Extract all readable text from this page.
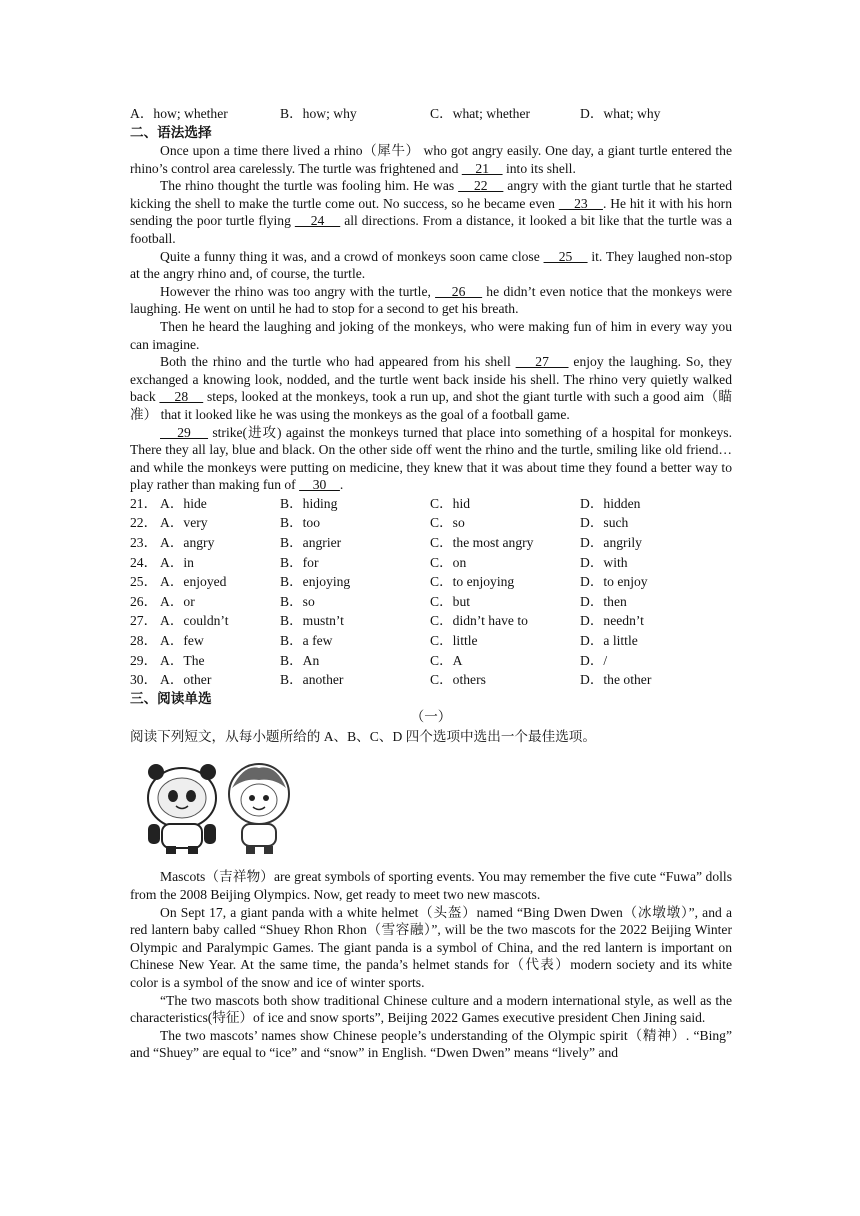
A．how; whether	B．how; why	C．what; whether	D．what; why
二、语法选择

Once upon a time there lived a rhino（犀牛） who got angry easily. One day, a giant turtle entered the rhino’s control area carelessly. The turtle was frightened and     21     into its shell.

The rhino thought the turtle was fooling him. He was     22     angry with the giant turtle that he started kicking the shell to make the turtle come out. No success, so he became even     23    . He hit it with his horn sending the poor turtle flying     24     all directions. From a distance, it looked a bit like that the turtle was a football.

Quite a funny thing it was, and a crowd of monkeys soon came close     25     it. They laughed non-stop at the angry rhino and, of course, the turtle.

However the rhino was too angry with the turtle,     26     he didn’t even notice that the monkeys were laughing. He went on until he had to stop for a second to get his breath.

Then he heard the laughing and joking of the monkeys, who were making fun of him in every way you can imagine.

Both the rhino and the turtle who had appeared from his shell     27     enjoy the laughing. So, they exchanged a knowing look, nodded, and the turtle went back inside his shell. The rhino very quietly walked back     28     steps, looked at the monkeys, took a run up, and shot the giant turtle with such a good aim（瞄准） that it looked like he was using the monkeys as the goal of a football game.

29     strike(进攻) against the monkeys turned that place into something of a hospital for monkeys. There they all lay, blue and black. On the other side off went the rhino and the turtle, smiling like old friend… and while the monkeys were putting on medicine, they knew that it was about time they found a better way to play rather than making fun of     30    .

21． A．hide	B．hiding	C．hid	D．hidden
22． A．very	B．too	C．so	D．such
23． A．angry	B．angrier	C．the most angry	D．angrily
24． A．in	B．for	C．on	D．with
25． A．enjoyed	B．enjoying	C．to enjoying	D．to enjoy
26． A．or	B．so	C．but	D．then
27． A．couldn’t	B．mustn’t	C．didn’t have to	D．needn’t
28． A．few	B．a few	C．little	D．a little
29． A．The	B．An	C．A	D．/
30． A．other	B．another	C．others	D．the other
三、阅读单选
（一）
阅读下列短文，从每小题所给的 A、B、C、D 四个选项中选出一个最佳选项。

Mascots（吉祥物）are great symbols of sporting events. You may remember the five cute “Fuwa” dolls from the 2008 Beijing Olympics. Now, get ready to meet two new mascots.

On Sept 17, a giant panda with a white helmet（头盔）named “Bing Dwen Dwen（冰墩墩）”, and a red lantern baby called “Shuey Rhon Rhon（雪容融）”, will be the two mascots for the 2022 Beijing Winter Olympic and Paralympic Games. The giant panda is a symbol of China, and the red lantern is important on Chinese New Year. At the same time, the panda’s helmet stands for（代表）modern society and its white color is a symbol of the snow and ice of winter sports.

“The two mascots both show traditional Chinese culture and a modern international style, as well as the characteristics(特征）of ice and snow sports”, Beijing 2022 Games executive president Chen Jining said.

The two mascots’ names show Chinese people’s understanding of the Olympic spirit（精神）. “Bing” and “Shuey” are equal to “ice” and “snow” in English. “Dwen Dwen” means “lively” and
